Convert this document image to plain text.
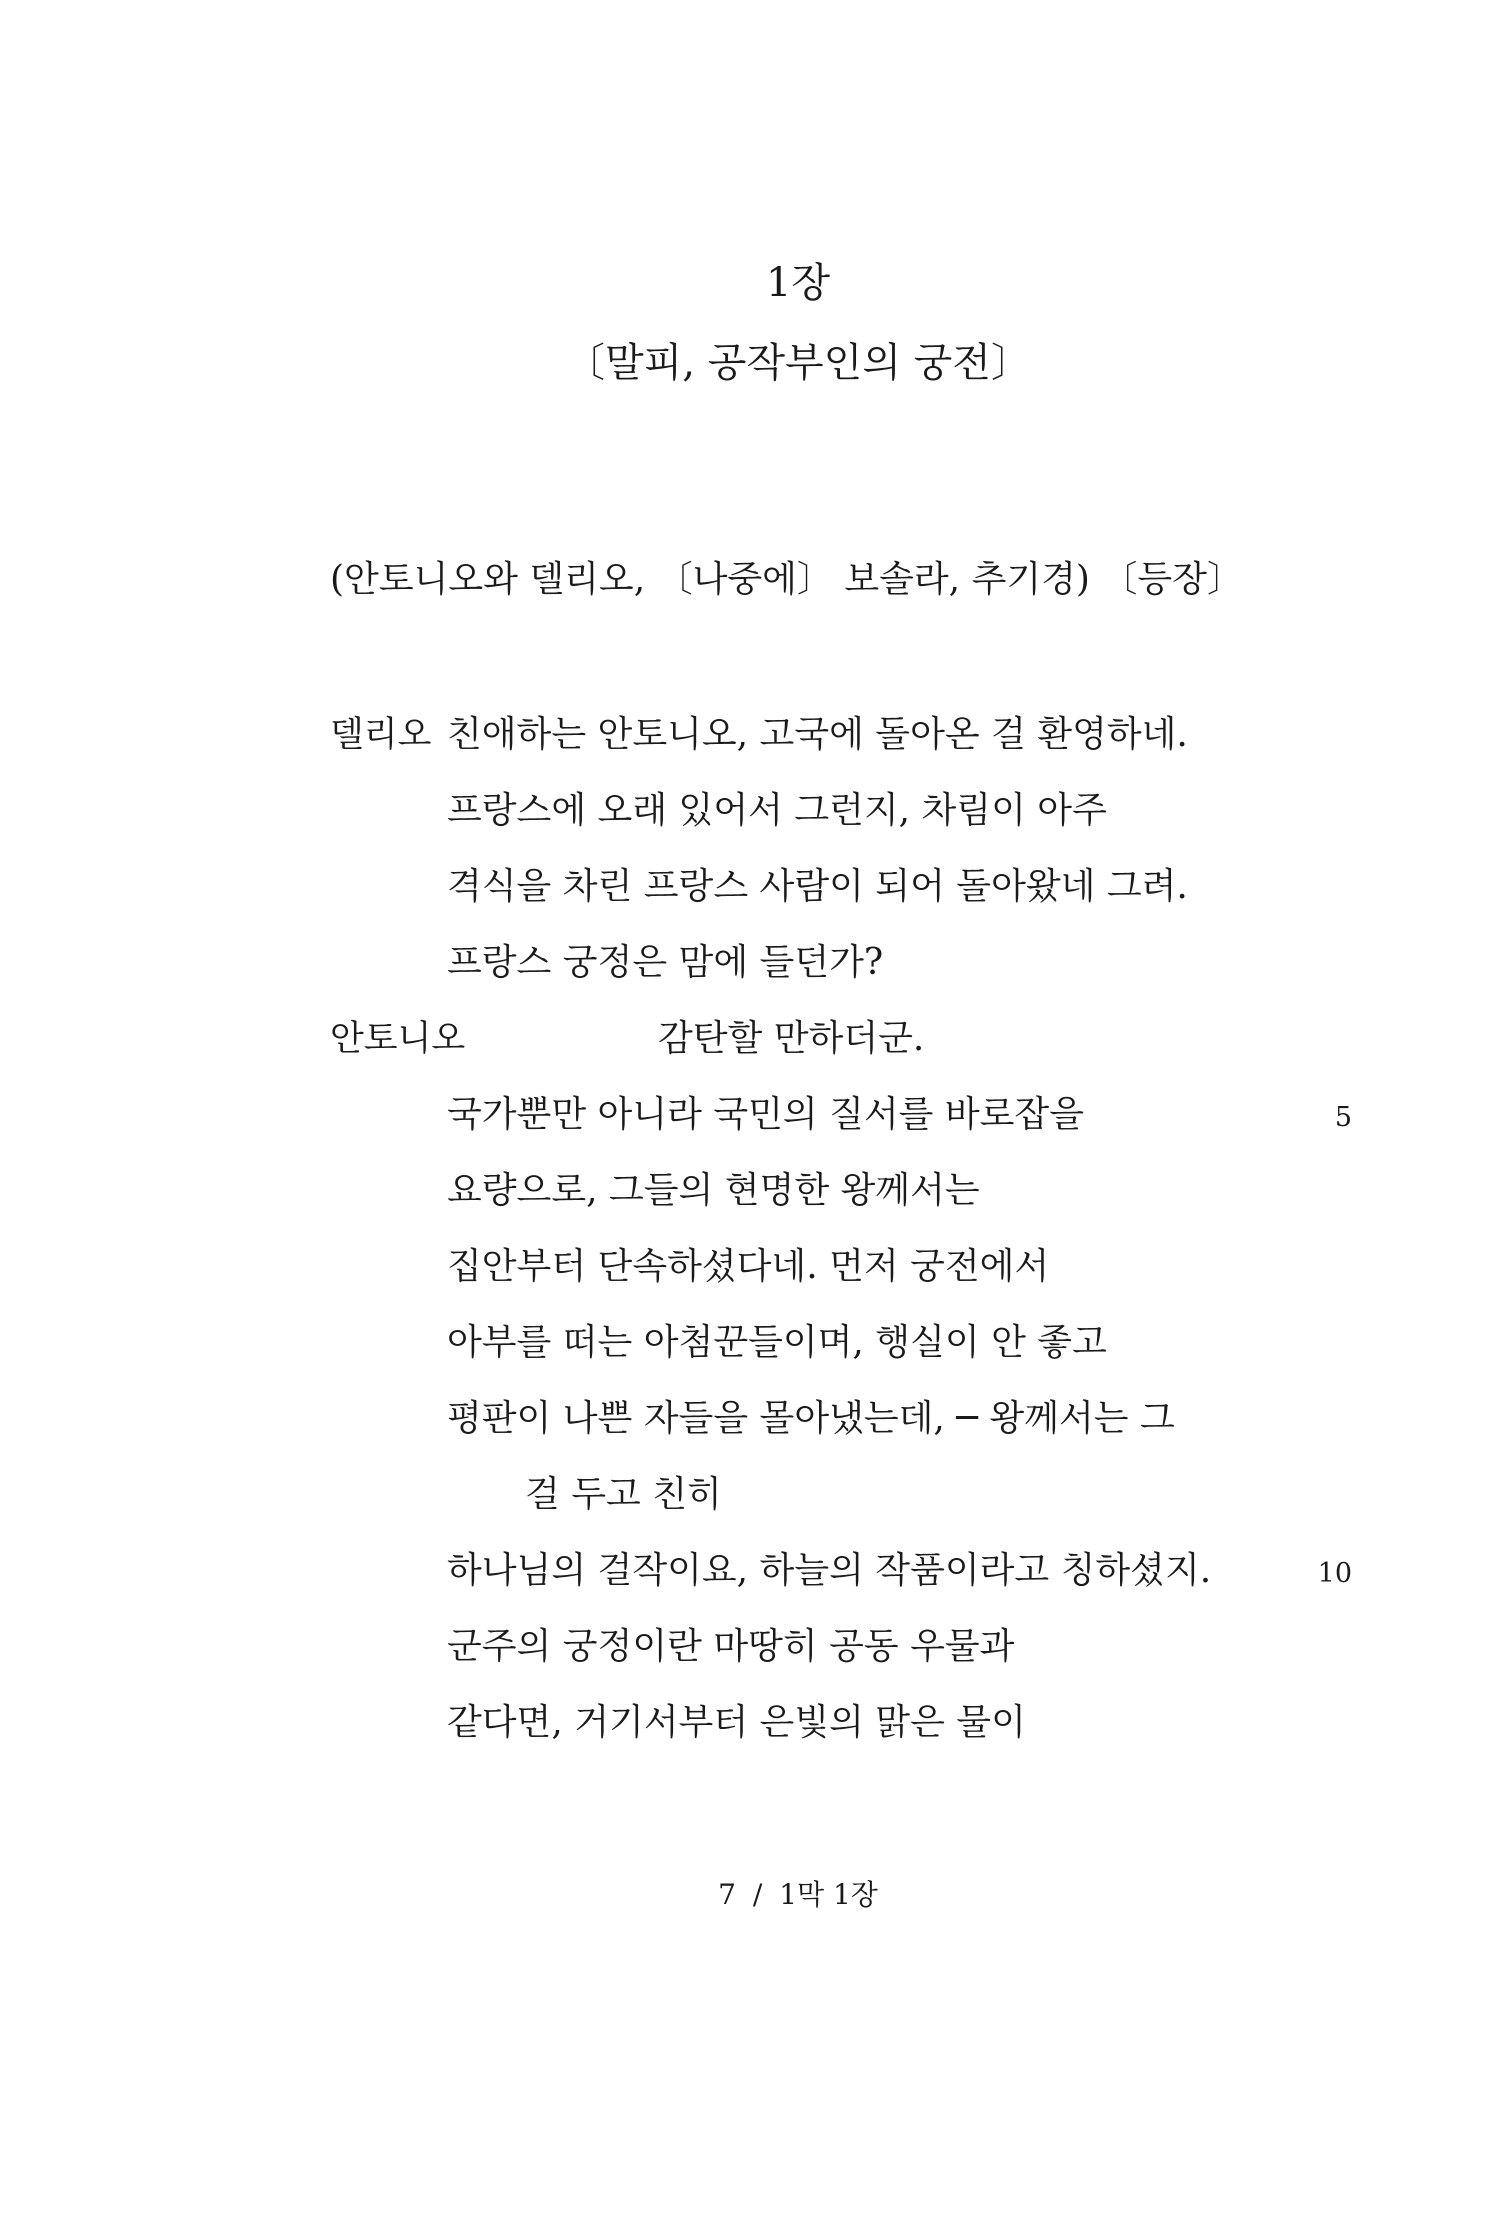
1장
〔말피, 공작부인의 궁전〕
(안토니오와 델리오, 〔나중에〕 보솔라, 추기경) 〔등장〕
델리오 친애하는 안토니오, 고국에 돌아온 걸 환영하네.
프랑스에 오래 있어서 그런지, 차림이 아주
격식을 차린 프랑스 사람이 되어 돌아왔네 그려.
프랑스 궁정은 맘에 들던가?
안토니오	감탄할 만하더군.
국가뿐만 아니라 국민의 질서를 바로잡을	5
요량으로, 그들의 현명한 왕께서는
집안부터 단속하셨다네. 먼저 궁전에서
아부를 떠는 아첨꾼들이며, 행실이 안 좋고
평판이 나쁜 자들을 몰아냈는데, ─ 왕께서는 그
걸 두고 친히
하나님의 걸작이요, 하늘의 작품이라고 칭하셨지.	10
군주의 궁정이란 마땅히 공동 우물과
같다면, 거기서부터 은빛의 맑은 물이
7 / 1막 1장
